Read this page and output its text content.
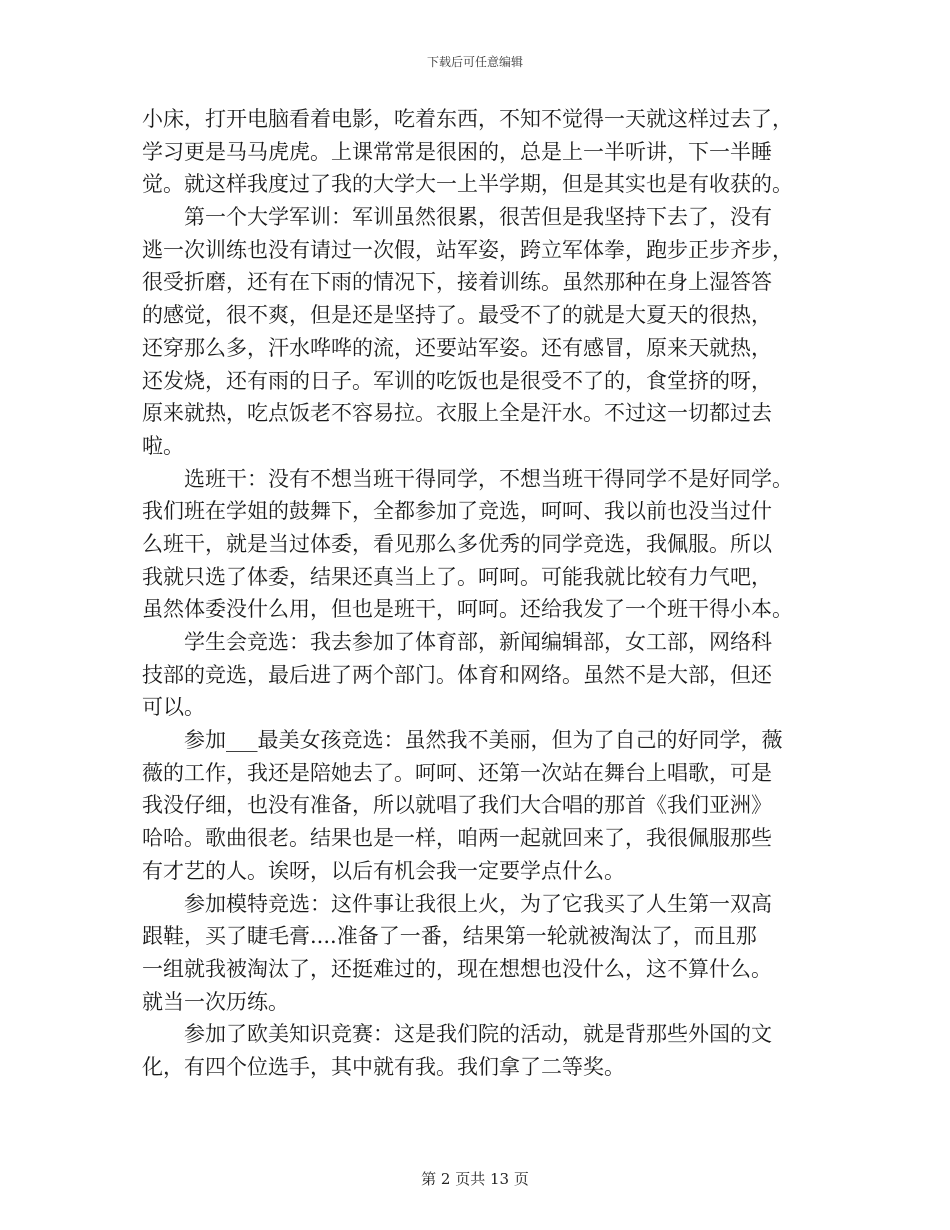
下载后可任意编辑
小床，打开电脑看着电影，吃着东西，不知不觉得一天就这样过去了，
学习更是马马虎虎。上课常常是很困的，总是上一半听讲，下一半睡
觉。就这样我度过了我的大学大一上半学期，但是其实也是有收获的。
　　第一个大学军训：军训虽然很累，很苦但是我坚持下去了，没有
逃一次训练也没有请过一次假，站军姿，跨立军体拳，跑步正步齐步，
很受折磨，还有在下雨的情况下，接着训练。虽然那种在身上湿答答
的感觉，很不爽，但是还是坚持了。最受不了的就是大夏天的很热，
还穿那么多，汗水哗哗的流，还要站军姿。还有感冒，原来天就热，
还发烧，还有雨的日子。军训的吃饭也是很受不了的，食堂挤的呀，
原来就热，吃点饭老不容易拉。衣服上全是汗水。不过这一切都过去
啦。
　　选班干：没有不想当班干得同学，不想当班干得同学不是好同学。
我们班在学姐的鼓舞下，全都参加了竞选，呵呵、我以前也没当过什
么班干，就是当过体委，看见那么多优秀的同学竞选，我佩服。所以
我就只选了体委，结果还真当上了。呵呵。可能我就比较有力气吧，
虽然体委没什么用，但也是班干，呵呵。还给我发了一个班干得小本。
　　学生会竞选：我去参加了体育部，新闻编辑部，女工部，网络科
技部的竞选，最后进了两个部门。体育和网络。虽然不是大部，但还
可以。
　　参加___最美女孩竞选：虽然我不美丽，但为了自己的好同学，薇
薇的工作，我还是陪她去了。呵呵、还第一次站在舞台上唱歌，可是
我没仔细，也没有准备，所以就唱了我们大合唱的那首《我们亚洲》
哈哈。歌曲很老。结果也是一样，咱两一起就回来了，我很佩服那些
有才艺的人。诶呀，以后有机会我一定要学点什么。
　　参加模特竞选：这件事让我很上火，为了它我买了人生第一双高
跟鞋，买了睫毛膏....准备了一番，结果第一轮就被淘汰了，而且那
一组就我被淘汰了，还挺难过的，现在想想也没什么，这不算什么。
就当一次历练。
　　参加了欧美知识竞赛：这是我们院的活动，就是背那些外国的文
化，有四个位选手，其中就有我。我们拿了二等奖。
第 2 页共 13 页
